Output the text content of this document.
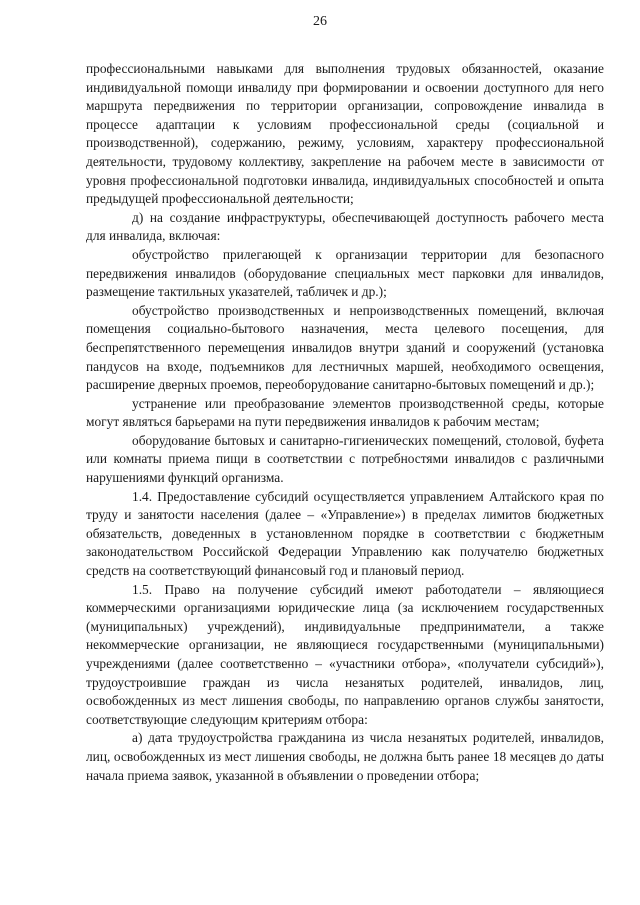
26

профессиональными навыками для выполнения трудовых обязанностей, оказание индивидуальной помощи инвалиду при формировании и освоении доступного для него маршрута передвижения по территории организации, сопровождение инвалида в процессе адаптации к условиям профессиональной среды (социальной и производственной), содержанию, режиму, условиям, характеру профессиональной деятельности, трудовому коллективу, закрепление на рабочем месте в зависимости от уровня профессиональной подготовки инвалида, индивидуальных способностей и опыта предыдущей профессиональной деятельности;

д) на создание инфраструктуры, обеспечивающей доступность рабочего места для инвалида, включая:

обустройство прилегающей к организации территории для безопасного передвижения инвалидов (оборудование специальных мест парковки для инвалидов, размещение тактильных указателей, табличек и др.);

обустройство производственных и непроизводственных помещений, включая помещения социально-бытового назначения, места целевого посещения, для беспрепятственного перемещения инвалидов внутри зданий и сооружений (установка пандусов на входе, подъемников для лестничных маршей, необходимого освещения, расширение дверных проемов, переоборудование санитарно-бытовых помещений и др.);

устранение или преобразование элементов производственной среды, которые могут являться барьерами на пути передвижения инвалидов к рабочим местам;

оборудование бытовых и санитарно-гигиенических помещений, столовой, буфета или комнаты приема пищи в соответствии с потребностями инвалидов с различными нарушениями функций организма.

1.4. Предоставление субсидий осуществляется управлением Алтайского края по труду и занятости населения (далее – «Управление») в пределах лимитов бюджетных обязательств, доведенных в установленном порядке в соответствии с бюджетным законодательством Российской Федерации Управлению как получателю бюджетных средств на соответствующий финансовый год и плановый период.

1.5. Право на получение субсидий имеют работодатели – являющиеся коммерческими организациями юридические лица (за исключением государственных (муниципальных) учреждений), индивидуальные предприниматели, а также некоммерческие организации, не являющиеся государственными (муниципальными) учреждениями (далее соответственно – «участники отбора», «получатели субсидий»), трудоустроившие граждан из числа незанятых родителей, инвалидов, лиц, освобожденных из мест лишения свободы, по направлению органов службы занятости, соответствующие следующим критериям отбора:

а) дата трудоустройства гражданина из числа незанятых родителей, инвалидов, лиц, освобожденных из мест лишения свободы, не должна быть ранее 18 месяцев до даты начала приема заявок, указанной в объявлении о проведении отбора;
